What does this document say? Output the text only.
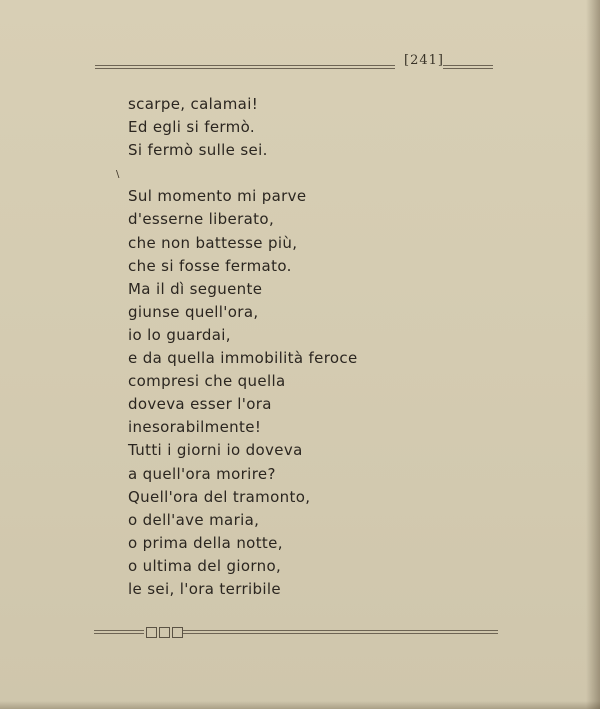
[241]

\
scarpe, calamai!
Ed egli si fermò.
Si fermò sulle sei.
Sul momento mi parve
d'esserne liberato,
che non battesse più,
che si fosse fermato.
Ma il dì seguente
giunse quell'ora,
io lo guardai,
e da quella immobilità feroce
compresi che quella
doveva esser l'ora
inesorabilmente!
Tutti i giorni io doveva
a quell'ora morire?
Quell'ora del tramonto,
o dell'ave maria,
o prima della notte,
o ultima del giorno,
le sei, l'ora terribile
